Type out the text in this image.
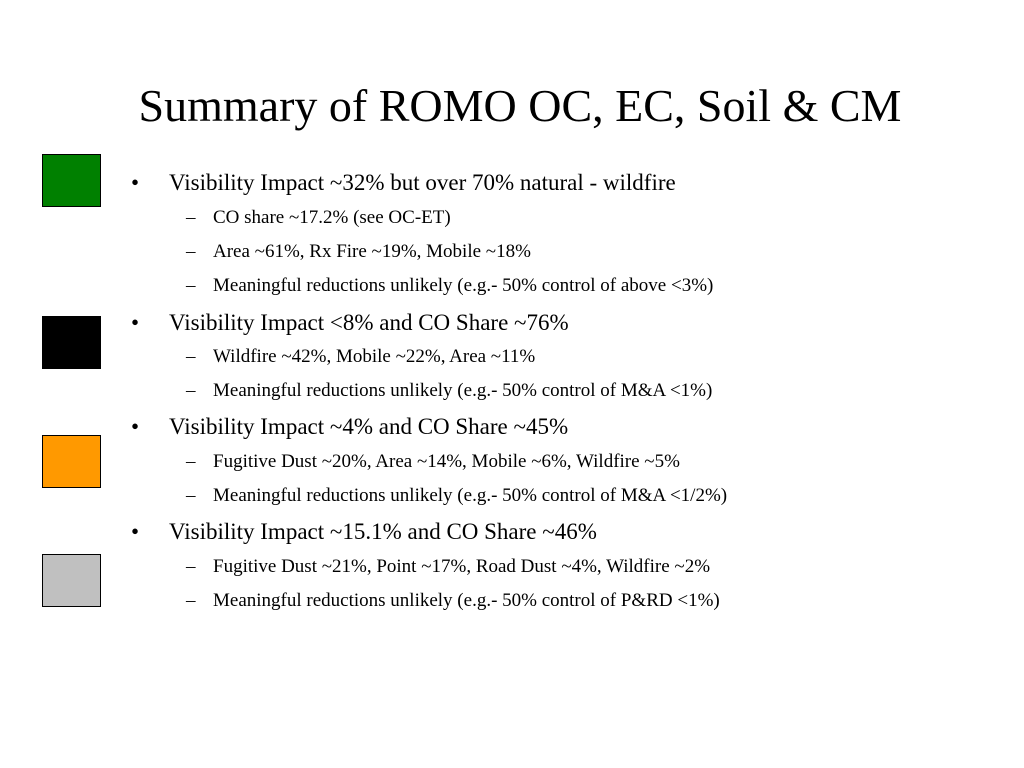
Summary of ROMO OC, EC, Soil & CM
• Visibility Impact ~32% but over 70% natural - wildfire
– CO share ~17.2% (see OC-ET)
– Area ~61%, Rx Fire ~19%, Mobile ~18%
– Meaningful reductions unlikely (e.g.- 50% control of above <3%)
• Visibility Impact <8% and CO Share ~76%
– Wildfire ~42%, Mobile ~22%, Area ~11%
– Meaningful reductions unlikely (e.g.- 50% control of M&A <1%)
• Visibility Impact ~4% and CO Share ~45%
– Fugitive Dust ~20%, Area ~14%, Mobile ~6%, Wildfire ~5%
– Meaningful reductions unlikely (e.g.- 50% control of M&A <1/2%)
• Visibility Impact ~15.1% and CO Share ~46%
– Fugitive Dust ~21%, Point ~17%, Road Dust ~4%, Wildfire ~2%
– Meaningful reductions unlikely (e.g.- 50% control of P&RD <1%)
